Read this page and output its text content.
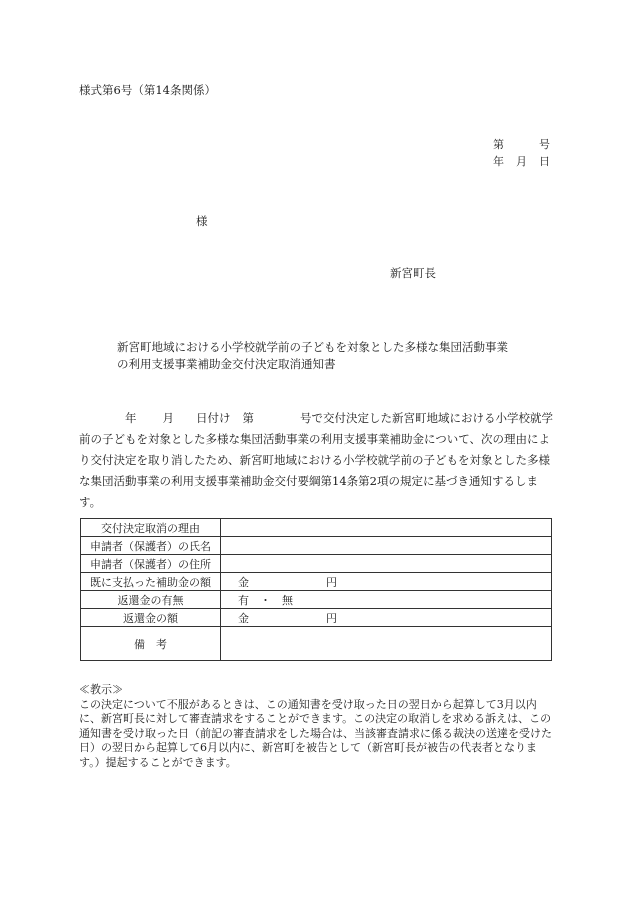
様式第6号（第14条関係）
第	号
年 月 日
様
新宮町長
新宮町地域における小学校就学前の子どもを対象とした多様な集団活動事業
の利用支援事業補助金交付決定取消通知書
年 月 日付け 第	号で交付決定した新宮町地域における小学校就学前の子どもを対象とした多様な集団活動事業の利用支援事業補助金について、次の理由により交付決定を取り消したため、新宮町地域における小学校就学前の子どもを対象とした多様な集団活動事業の利用支援事業補助金交付要綱第14条第2項の規定に基づき通知するします。
交付決定取消の理由	
申請者（保護者）の氏名	
申請者（保護者）の住所	
既に支払った補助金の額	金　　　　　　　円
返還金の有無	有　・　無
返還金の額	金　　　　　　　円
備　考	
≪教示≫
この決定について不服があるときは、この通知書を受け取った日の翌日から起算して3月以内に、新宮町長に対して審査請求をすることができます。この決定の取消しを求める訴えは、この通知書を受け取った日（前記の審査請求をした場合は、当該審査請求に係る裁決の送達を受けた日）の翌日から起算して6月以内に、新宮町を被告として（新宮町長が被告の代表者となります。）提起することができます。
